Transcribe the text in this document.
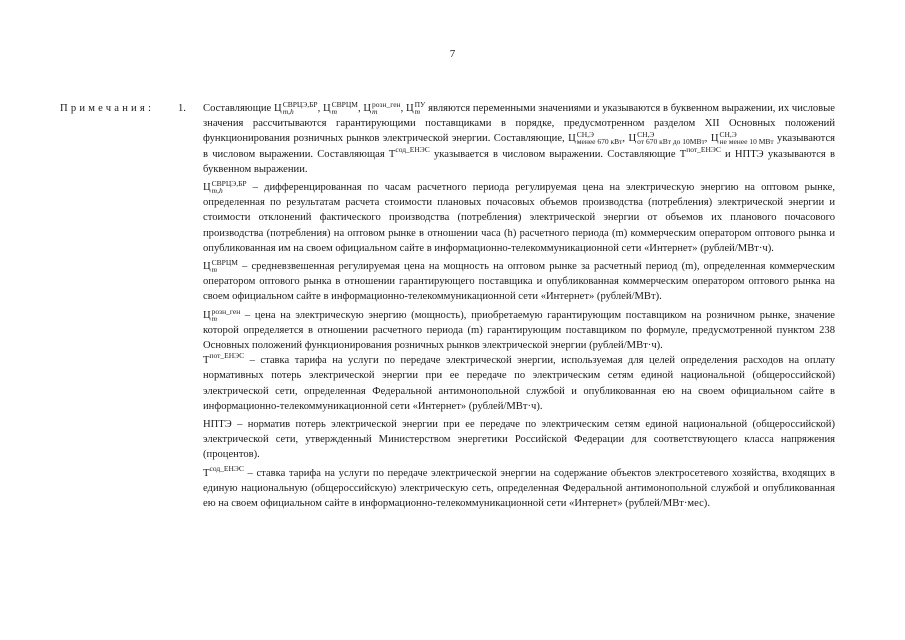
7
Примечания: 1. Составляющие Ц СВРЦЭ,БР
m,h	, Ц СВРЦМ
m	, Ц розн_ген
m	, Ц ПУ
m являются переменными значениями и указываются в буквенном выражении, их числовые значения рассчитываются гарантирующими поставщиками в порядке, предусмотренном разделом XII Основных положений функционирования розничных рынков электрической энергии. Составляющие, Ц СН,Э
менее 670 кВт , Ц СН,Э
от 670 кВт до 10МВт , Ц СН,Э
не менее 10 МВт указываются в числовом выражении. Составляющая $Т^{сод\_ЕНЭС}$ указывается в числовом выражении. Составляющие $Т^{пот\_ЕНЭС}$ и НПТЭ указываются в буквенном выражении.

Ц СВРЦЭ,БР
m,h	– дифференцированная по часам расчетного периода регулируемая цена на электрическую энергию на оптовом рынке, определенная по результатам расчета стоимости плановых почасовых объемов производства (потребления) электрической энергии и стоимости отклонений фактического производства (потребления) электрической энергии от объемов их планового почасового производства (потребления) на оптовом рынке в отношении часа (h) расчетного периода (m) коммерческим оператором оптового рынка и опубликованная им на своем официальном сайте в информационно-телекоммуникационной сети «Интернет» (рублей/МВт·ч).

Ц СВРЦМ
m	– средневзвешенная регулируемая цена на мощность на оптовом рынке за расчетный период (m), определенная коммерческим оператором оптового рынка в отношении гарантирующего поставщика и опубликованная коммерческим оператором оптового рынка на своем официальном сайте в информационно-телекоммуникационной сети «Интернет» (рублей/МВт).

Ц розн_ген
m	– цена на электрическую энергию (мощность), приобретаемую гарантирующим поставщиком на розничном рынке, значение которой определяется в отношении расчетного периода (m) гарантирующим поставщиком по формуле, предусмотренной пунктом 238 Основных положений функционирования розничных рынков электрической энергии (рублей/МВт·ч).

$Т^{пот\_ЕНЭС}$ – ставка тарифа на услуги по передаче электрической энергии, используемая для целей определения расходов на оплату нормативных потерь электрической энергии при ее передаче по электрическим сетям единой национальной (общероссийской) электрической сети, определенная Федеральной антимонопольной службой и опубликованная ею на своем официальном сайте в информационно-телекоммуникационной сети «Интернет» (рублей/МВт·ч).

НПТЭ – норматив потерь электрической энергии при ее передаче по электрическим сетям единой национальной (общероссийской) электрической сети, утвержденный Министерством энергетики Российской Федерации для соответствующего класса напряжения (процентов).

$Т^{сод\_ЕНЭС}$ – ставка тарифа на услуги по передаче электрической энергии на содержание объектов электросетевого хозяйства, входящих в единую национальную (общероссийскую) электрическую сеть, определенная Федеральной антимонопольной службой и опубликованная ею на своем официальном сайте в информационно-телекоммуникационной сети «Интернет» (рублей/МВт·мес).
